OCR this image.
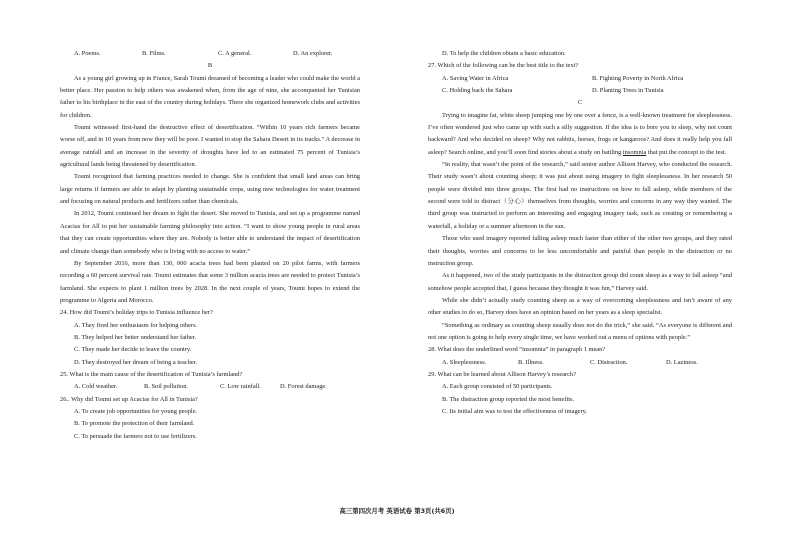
A. Poems.	B. Films.	C. A general.	D. An explorer.

B

As a young girl growing up in France, Sarah Toumi dreamed of becoming a leader who could make the world a better place. Her passion to help others was awakened when, from the age of nine, she accompanied her Tunisian father to his birthplace in the east of the country during holidays. There she organized homework clubs and activities for children.

Toumi witnessed first-hand the destructive effect of desertification. “Within 10 years rich farmers became worse off, and in 10 years from now they will be poor. I wanted to stop the Sahara Desert in its tracks.” A decrease in average rainfall and an increase in the severity of droughts have led to an estimated 75 percent of Tunisia’s agricultural lands being threatened by desertification.

Toumi recognized that farming practices needed to change. She is confident that small land areas can bring large returns if farmers are able to adapt by planting sustainable crops, using new technologies for water treatment and focusing on natural products and fertilizers rather than chemicals.

In 2012, Toumi continued her dream to fight the desert. She moved to Tunisia, and set up a programme named Acacias for All to put her sustainable farming philosophy into action. “I want to show young people in rural areas that they can create opportunities where they are. Nobody is better able to understand the impact of desertification and climate change than somebody who is living with no access to water.”

By September 2016, more than 130, 000 acacia trees had been planted on 20 pilot farms, with farmers recording a 60 percent survival rate. Toumi estimates that some 3 million acacia trees are needed to protect Tunisia’s farmland. She expects to plant 1 million trees by 2028. In the next couple of years, Toumi hopes to extend the programme to Algeria and Morocco.

24. How did Toumi’s holiday trips to Tunisia influence her?

A. They fired her enthusiasm for helping others.

B. They helped her better understand her father.

C. They made her decide to leave the country.

D. They destroyed her dream of being a teacher.

25. What is the main cause of the desertification of Tunisia’s farmland?

A. Cold weather.	B. Soil pollution.	C. Low rainfall.	D. Forest damage.

26.. Why did Toumi set up Acacias for All in Tunisia?

A. To create job opportunities for young people.

B. To promote the protection of their farmland.

C. To persuade the farmers not to use fertilizers.

D. To help the children obtain a basic education.

27. Which of the following can be the best title to the text?

A. Saving Water in Africa	B. Fighting Poverty in North Africa
C. Holding back the Sahara	D. Planting Trees in Tunisia

C

Trying to imagine fat, white sheep jumping one by one over a fence, is a well-known treatment for sleeplessness. I’ve often wondered just who came up with such a silly suggestion. If the idea is to bore you to sleep, why not count backward? And who decided on sheep? Why not rabbits, horses, frogs or kangaroos? And does it really help you fall asleep? Search online, and you’ll soon find stories about a study on battling insomnia that put the concept to the test.

“In reality, that wasn’t the point of the research,” said senior author Allison Harvey, who conducted the research. Their study wasn’t about counting sheep; it was just about using imagery to fight sleeplessness. In her research 50 people were divided into three groups. The first had no instructions on how to fall asleep, while members of the second were told to distract（分心）themselves from thoughts, worries and concerns in any way they wanted. The third group was instructed to perform an interesting and engaging imagery task, such as creating or remembering a waterfall, a holiday or a summer afternoon in the sun.

Those who used imagery reported falling asleep much faster than either of the other two groups, and they rated their thoughts, worries and concerns to be less uncomfortable and painful than people in the distraction or no instruction group.

As it happened, two of the study participants in the distraction group did count sheep as a way to fall asleep “and somehow people accepted that, I guess because they thought it was fun,” Harvey said.

While she didn’t actually study counting sheep as a way of overcoming sleeplessness and isn’t aware of any other studies to do so, Harvey does have an opinion based on her years as a sleep specialist.

“Something as ordinary as counting sheep usually does not do the trick,” she said. “As everyone is different and not one option is going to help every single time, we have worked out a menu of options with people.”

28. What does the underlined word “insomnia” in paragraph 1 mean?

A. Sleeplessness.	B. Illness.	C. Distraction.	D. Laziness.

29. What can be learned about Allison Harvey’s research?

A. Each group consisted of 50 participants.

B. The distraction group reported the most benefits.

C. Its initial aim was to test the effectiveness of imagery.

高三第四次月考 英语试卷 第3页(共6页)
